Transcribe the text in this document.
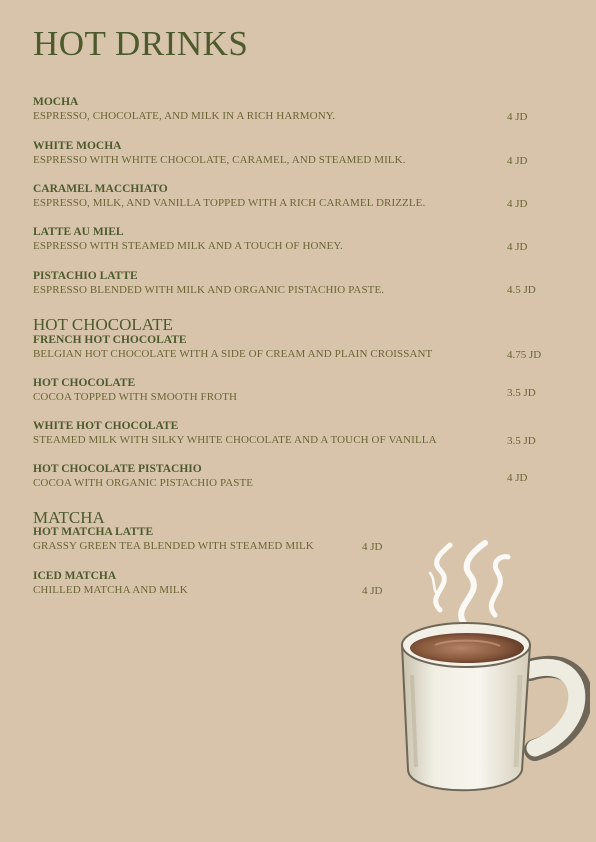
HOT DRINKS
MOCHA
ESPRESSO, CHOCOLATE, AND MILK IN A RICH HARMONY.	4 JD
WHITE MOCHA
ESPRESSO WITH WHITE CHOCOLATE, CARAMEL, AND STEAMED MILK.	4 JD
CARAMEL MACCHIATO
ESPRESSO, MILK, AND VANILLA TOPPED WITH A RICH CARAMEL DRIZZLE.	4 JD
LATTE AU MIEL
ESPRESSO WITH STEAMED MILK AND A TOUCH OF HONEY.	4 JD
PISTACHIO LATTE
ESPRESSO BLENDED WITH MILK AND ORGANIC PISTACHIO PASTE.	4.5 JD
HOT CHOCOLATE
FRENCH HOT CHOCOLATE
BELGIAN HOT CHOCOLATE WITH A SIDE OF CREAM AND PLAIN CROISSANT	4.75 JD
HOT CHOCOLATE
COCOA TOPPED WITH SMOOTH FROTH	3.5 JD
WHITE HOT CHOCOLATE
STEAMED MILK WITH SILKY WHITE CHOCOLATE AND A TOUCH OF VANILLA	3.5 JD
HOT CHOCOLATE PISTACHIO
COCOA WITH ORGANIC PISTACHIO PASTE	4 JD
MATCHA
HOT MATCHA LATTE
GRASSY GREEN TEA BLENDED WITH STEAMED MILK	4 JD
ICED MATCHA
CHILLED MATCHA AND MILK	4 JD
